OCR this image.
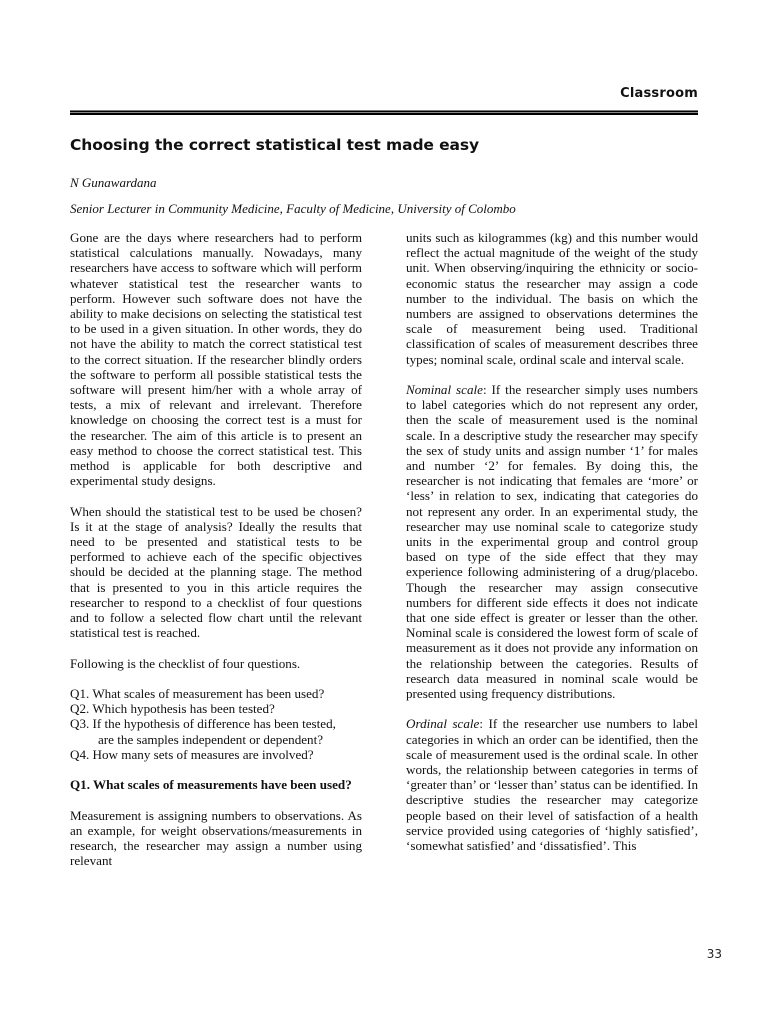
Classroom
Choosing the correct statistical test made easy
N Gunawardana
Senior Lecturer in Community Medicine, Faculty of Medicine, University of Colombo

Gone are the days where researchers had to perform statistical calculations manually. Nowadays, many researchers have access to software which will perform whatever statistical test the researcher wants to perform. However such software does not have the ability to make decisions on selecting the statistical test to be used in a given situation. In other words, they do not have the ability to match the correct statistical test to the correct situation. If the researcher blindly orders the software to perform all possible statistical tests the software will present him/her with a whole array of tests, a mix of relevant and irrelevant. Therefore knowledge on choosing the correct test is a must for the researcher. The aim of this article is to present an easy method to choose the correct statistical test. This method is applicable for both descriptive and experimental study designs.

When should the statistical test to be used be chosen? Is it at the stage of analysis? Ideally the results that need to be presented and statistical tests to be performed to achieve each of the specific objectives should be decided at the planning stage. The method that is presented to you in this article requires the researcher to respond to a checklist of four questions and to follow a selected flow chart until the relevant statistical test is reached.

Following is the checklist of four questions.

Q1. What scales of measurement has been used?
Q2. Which hypothesis has been tested?
Q3. If the hypothesis of difference has been tested,
are the samples independent or dependent?
Q4. How many sets of measures are involved?

Q1. What scales of measurements have been used?

Measurement is assigning numbers to observations. As an example, for weight observations/measurements in research, the researcher may assign a number using relevant

units such as kilogrammes (kg) and this number would reflect the actual magnitude of the weight of the study unit. When observing/inquiring the ethnicity or socio-economic status the researcher may assign a code number to the individual. The basis on which the numbers are assigned to observations determines the scale of measurement being used. Traditional classification of scales of measurement describes three types; nominal scale, ordinal scale and interval scale.

Nominal scale: If the researcher simply uses numbers to label categories which do not represent any order, then the scale of measurement used is the nominal scale. In a descriptive study the researcher may specify the sex of study units and assign number ‘1’ for males and number ‘2’ for females. By doing this, the researcher is not indicating that females are ‘more’ or ‘less’ in relation to sex, indicating that categories do not represent any order. In an experimental study, the researcher may use nominal scale to categorize study units in the experimental group and control group based on type of the side effect that they may experience following administering of a drug/placebo. Though the researcher may assign consecutive numbers for different side effects it does not indicate that one side effect is greater or lesser than the other. Nominal scale is considered the lowest form of scale of measurement as it does not provide any information on the relationship between the categories. Results of research data measured in nominal scale would be presented using frequency distributions.

Ordinal scale: If the researcher use numbers to label categories in which an order can be identified, then the scale of measurement used is the ordinal scale. In other words, the relationship between categories in terms of ‘greater than’ or ‘lesser than’ status can be identified. In descriptive studies the researcher may categorize people based on their level of satisfaction of a health service provided using categories of ‘highly satisfied’, ‘somewhat satisfied’ and ‘dissatisfied’. This

33
